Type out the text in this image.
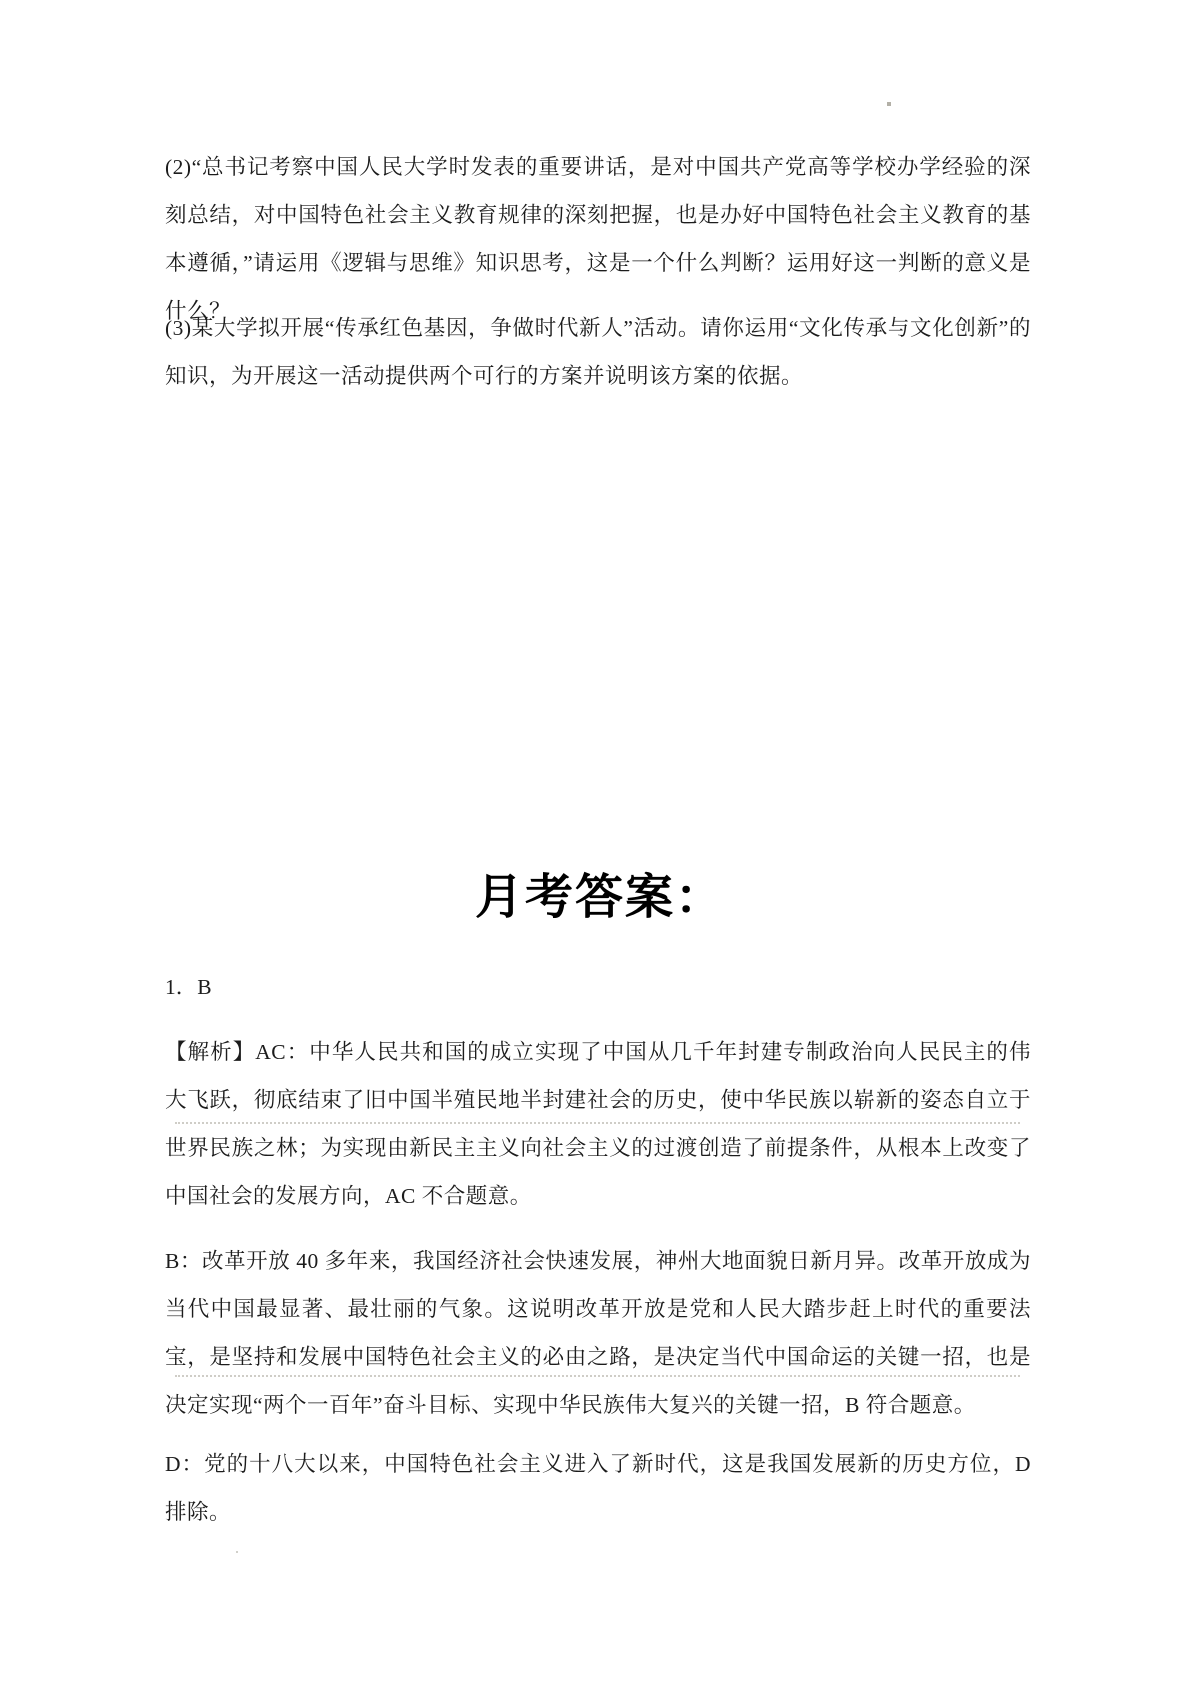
(2)“总书记考察中国人民大学时发表的重要讲话，是对中国共产党高等学校办学经验的深刻总结，对中国特色社会主义教育规律的深刻把握，也是办好中国特色社会主义教育的基本遵循，”请运用《逻辑与思维》知识思考，这是一个什么判断？运用好这一判断的意义是什么？

(3)某大学拟开展“传承红色基因，争做时代新人”活动。请你运用“文化传承与文化创新”的知识，为开展这一活动提供两个可行的方案并说明该方案的依据。

月考答案：

1．B

【解析】AC：中华人民共和国的成立实现了中国从几千年封建专制政治向人民民主的伟大飞跃，彻底结束了旧中国半殖民地半封建社会的历史，使中华民族以崭新的姿态自立于世界民族之林；为实现由新民主主义向社会主义的过渡创造了前提条件，从根本上改变了中国社会的发展方向，AC 不合题意。

B：改革开放 40 多年来，我国经济社会快速发展，神州大地面貌日新月异。改革开放成为当代中国最显著、最壮丽的气象。这说明改革开放是党和人民大踏步赶上时代的重要法宝，是坚持和发展中国特色社会主义的必由之路，是决定当代中国命运的关键一招，也是决定实现“两个一百年”奋斗目标、实现中华民族伟大复兴的关键一招，B 符合题意。

D：党的十八大以来，中国特色社会主义进入了新时代，这是我国发展新的历史方位，D 排除。
